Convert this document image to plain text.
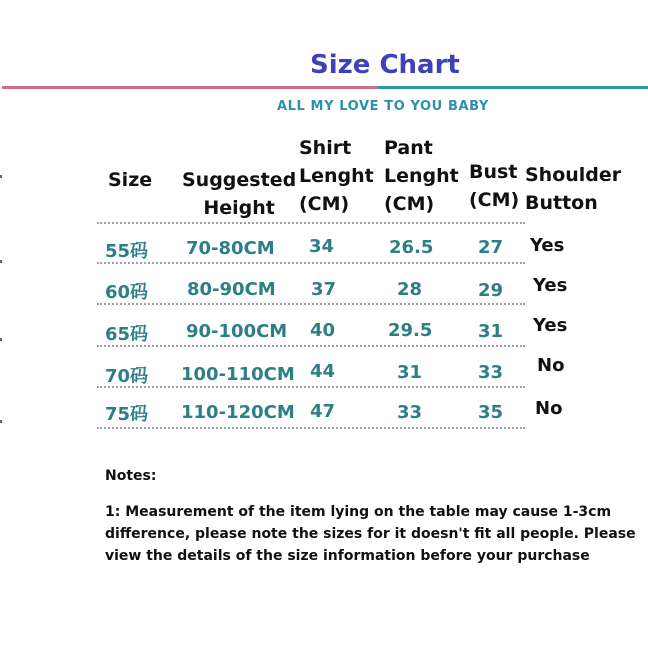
Size Chart
ALL MY LOVE TO YOU BABY
Size Suggested
Height
Shirt
Lenght
(CM)
Pant
Lenght
(CM)
Bust
(CM)
Shoulder
Button
55码 70-80CM 34	26.5 27 Yes
60码 80-90CM 37	28	29 Yes
65码 90-100CM 40	29.5	31 Yes
70码 100-110CM 44	31	33 No
75码 110-120CM 47	33	35 No
Notes:
1: Measurement of the item lying on the table may cause 1-3cm difference, please note the sizes for it doesn't fit all people. Please view the details of the size information before your purchase
